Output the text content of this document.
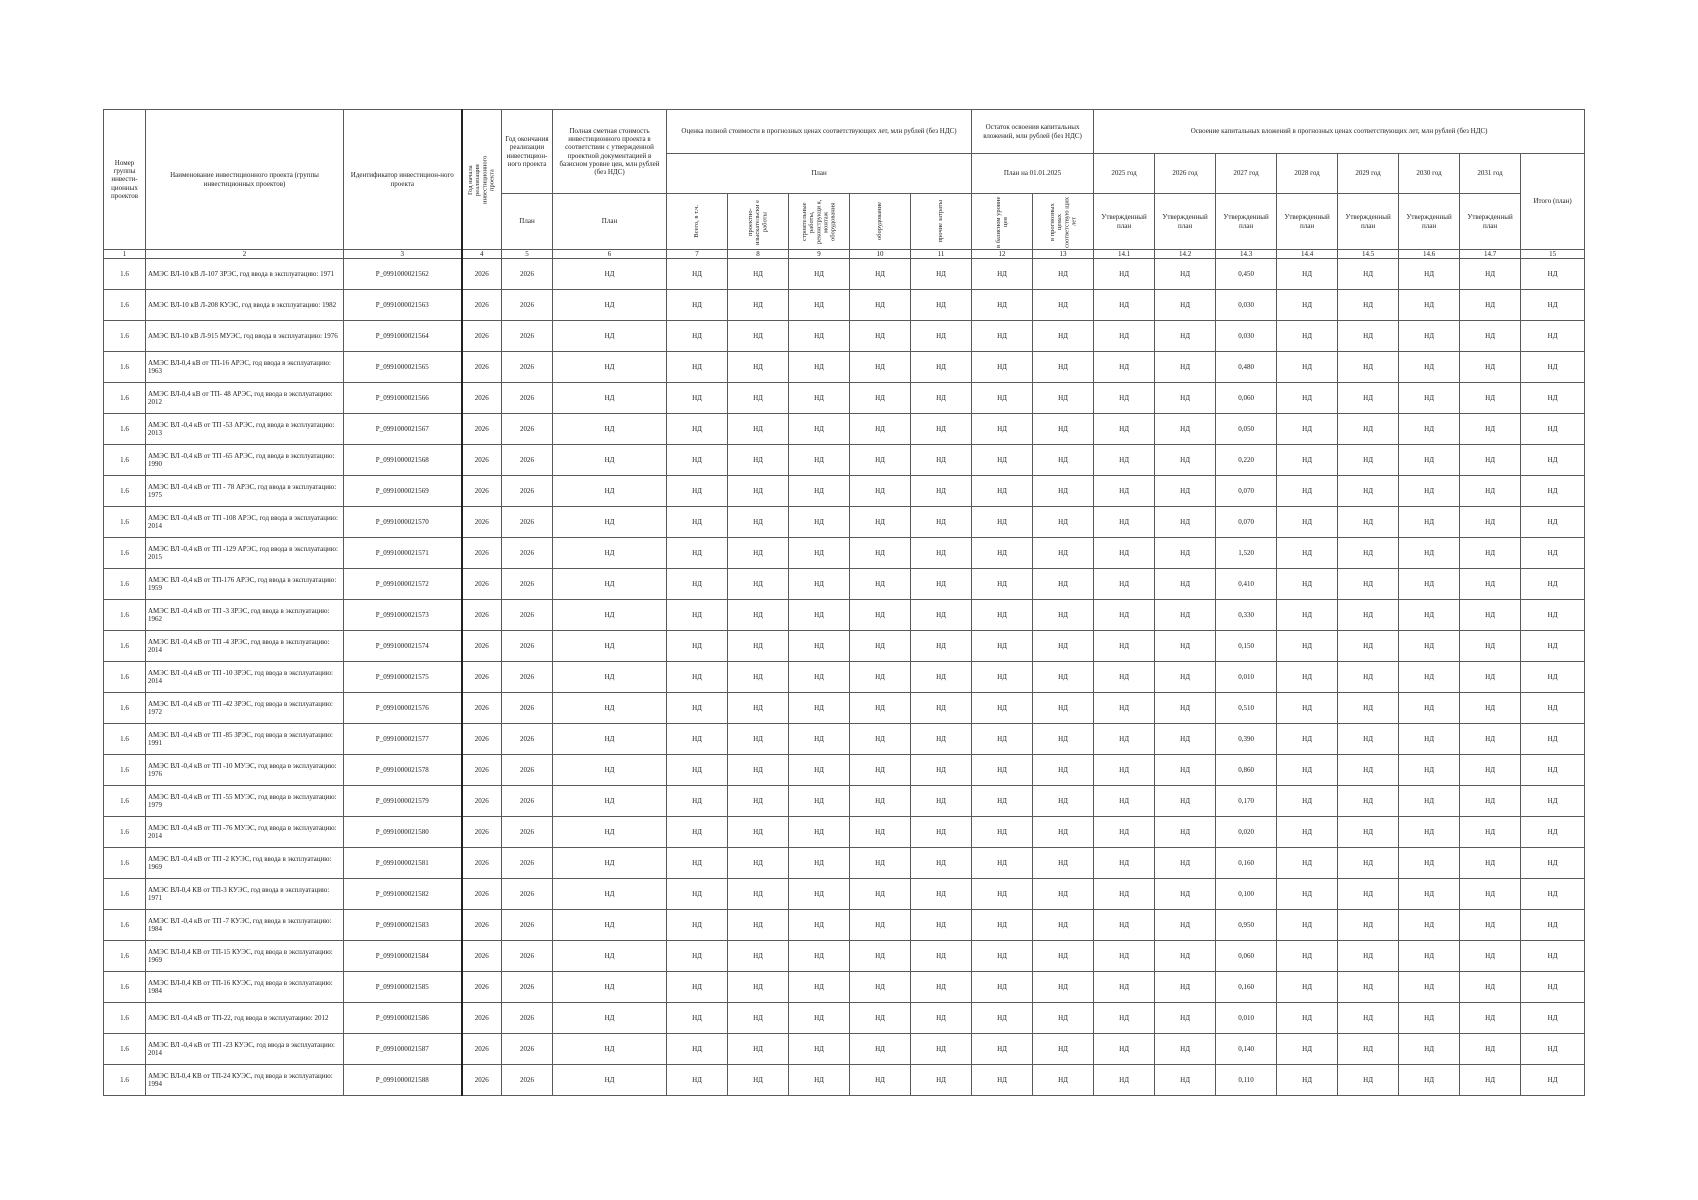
Номер группы инвести-ционных проектов	Наименование инвестиционного проекта (группы инвестиционных проектов)	Идентификатор инвестицион-ного проекта	Год начала реализации инвестиционного проекта	Год окончания реализации инвестицион-ного проекта	Полная сметная стоимость инвестиционного проекта в соответствии с утвержденной проектной документацией в базисном уровне цен, млн рублей (без НДС)	Оценка полной стоимости в прогнозных ценах соответствующих лет, млн рублей (без НДС)					Остаток освоения капитальных вложений, млн рублей (без НДС)		Освоение капитальных вложений в прогнозных ценах соответствующих лет, млн рублей (без НДС)								
						План					План на 01.01.2025		2025 год	2026 год	2027 год	2028 год	2029 год	2030 год	2031 год	Итого (план)	
				План	План	Всего, в т.ч.	проектно-изыскательски е работы	строительные работы, реконструкци я, монтаж оборудования	оборудование	прочие затраты	в базисном уровне цен	в прогнозных ценах соответствую щих лет	Утвержденный план	Утвержденный план	Утвержденный план	Утвержденный план	Утвержденный план	Утвержденный план	Утвержденный план		
1	2	3	4	5	6	7	8	9	10	11	12	13	14.1	14.2	14.3	14.4	14.5	14.6	14.7	15	
1.6	АМЭС ВЛ-10 кВ Л-107 ЗРЭС, год ввода в эксплуатацию: 1971	P_0991000021562	2026	2026	НД	НД	НД	НД	НД	НД	НД	НД	НД	НД	0,450	НД	НД	НД	НД	НД	
1.6	АМЭС ВЛ-10 кВ Л-208 КУЭС, год ввода в эксплуатацию: 1982	P_0991000021563	2026	2026	НД	НД	НД	НД	НД	НД	НД	НД	НД	НД	0,030	НД	НД	НД	НД	НД	
1.6	АМЭС ВЛ-10 кВ Л-915 МУЭС, год ввода в эксплуатацию: 1976	P_0991000021564	2026	2026	НД	НД	НД	НД	НД	НД	НД	НД	НД	НД	0,030	НД	НД	НД	НД	НД	
1.6	АМЭС ВЛ-0,4 кВ от ТП-16 АРЭС, год ввода в эксплуатацию: 1963	P_0991000021565	2026	2026	НД	НД	НД	НД	НД	НД	НД	НД	НД	НД	0,480	НД	НД	НД	НД	НД	
1.6	АМЭС ВЛ-0,4 кВ от ТП- 48 АРЭС, год ввода в эксплуатацию: 2012	P_0991000021566	2026	2026	НД	НД	НД	НД	НД	НД	НД	НД	НД	НД	0,060	НД	НД	НД	НД	НД	
1.6	АМЭС ВЛ -0,4 кВ от ТП -53 АРЭС, год ввода в эксплуатацию: 2013	P_0991000021567	2026	2026	НД	НД	НД	НД	НД	НД	НД	НД	НД	НД	0,050	НД	НД	НД	НД	НД	
1.6	АМЭС ВЛ -0,4 кВ от ТП -65 АРЭС, год ввода в эксплуатацию: 1990	P_0991000021568	2026	2026	НД	НД	НД	НД	НД	НД	НД	НД	НД	НД	0,220	НД	НД	НД	НД	НД	
1.6	АМЭС ВЛ -0,4 кВ от ТП - 78 АРЭС, год ввода в эксплуатацию: 1975	P_0991000021569	2026	2026	НД	НД	НД	НД	НД	НД	НД	НД	НД	НД	0,070	НД	НД	НД	НД	НД	
1.6	АМЭС ВЛ -0,4 кВ от ТП -108 АРЭС, год ввода в эксплуатацию: 2014	P_0991000021570	2026	2026	НД	НД	НД	НД	НД	НД	НД	НД	НД	НД	0,070	НД	НД	НД	НД	НД	
1.6	АМЭС ВЛ -0,4 кВ от ТП -129 АРЭС, год ввода в эксплуатацию: 2015	P_0991000021571	2026	2026	НД	НД	НД	НД	НД	НД	НД	НД	НД	НД	1,520	НД	НД	НД	НД	НД	
1.6	АМЭС ВЛ -0,4 кВ от ТП-176 АРЭС, год ввода в эксплуатацию: 1959	P_0991000021572	2026	2026	НД	НД	НД	НД	НД	НД	НД	НД	НД	НД	0,410	НД	НД	НД	НД	НД	
1.6	АМЭС ВЛ -0,4 кВ от ТП -3 ЗРЭС, год ввода в эксплуатацию: 1962	P_0991000021573	2026	2026	НД	НД	НД	НД	НД	НД	НД	НД	НД	НД	0,330	НД	НД	НД	НД	НД	
1.6	АМЭС ВЛ -0,4 кВ от ТП -4 ЗРЭС, год ввода в эксплуатацию: 2014	P_0991000021574	2026	2026	НД	НД	НД	НД	НД	НД	НД	НД	НД	НД	0,150	НД	НД	НД	НД	НД	
1.6	АМЭС ВЛ -0,4 кВ от ТП -10 ЗРЭС, год ввода в эксплуатацию: 2014	P_0991000021575	2026	2026	НД	НД	НД	НД	НД	НД	НД	НД	НД	НД	0,010	НД	НД	НД	НД	НД	
1.6	АМЭС ВЛ -0,4 кВ от ТП -42 ЗРЭС, год ввода в эксплуатацию: 1972	P_0991000021576	2026	2026	НД	НД	НД	НД	НД	НД	НД	НД	НД	НД	0,510	НД	НД	НД	НД	НД	
1.6	АМЭС ВЛ -0,4 кВ от ТП -85 ЗРЭС, год ввода в эксплуатацию: 1991	P_0991000021577	2026	2026	НД	НД	НД	НД	НД	НД	НД	НД	НД	НД	0,390	НД	НД	НД	НД	НД	
1.6	АМЭС ВЛ -0,4 кВ от ТП -10 МУЭС, год ввода в эксплуатацию: 1976	P_0991000021578	2026	2026	НД	НД	НД	НД	НД	НД	НД	НД	НД	НД	0,860	НД	НД	НД	НД	НД	
1.6	АМЭС ВЛ -0,4 кВ от ТП -55 МУЭС, год ввода в эксплуатацию: 1979	P_0991000021579	2026	2026	НД	НД	НД	НД	НД	НД	НД	НД	НД	НД	0,170	НД	НД	НД	НД	НД	
1.6	АМЭС ВЛ -0,4 кВ от ТП -76 МУЭС, год ввода в эксплуатацию: 2014	P_0991000021580	2026	2026	НД	НД	НД	НД	НД	НД	НД	НД	НД	НД	0,020	НД	НД	НД	НД	НД	
1.6	АМЭС ВЛ -0,4 кВ от ТП -2 КУЭС, год ввода в эксплуатацию: 1969	P_0991000021581	2026	2026	НД	НД	НД	НД	НД	НД	НД	НД	НД	НД	0,160	НД	НД	НД	НД	НД	
1.6	АМЭС ВЛ-0,4 КВ от ТП-3 КУЭС, год ввода в эксплуатацию: 1971	P_0991000021582	2026	2026	НД	НД	НД	НД	НД	НД	НД	НД	НД	НД	0,100	НД	НД	НД	НД	НД	
1.6	АМЭС ВЛ -0,4 кВ от ТП -7 КУЭС, год ввода в эксплуатацию: 1984	P_0991000021583	2026	2026	НД	НД	НД	НД	НД	НД	НД	НД	НД	НД	0,950	НД	НД	НД	НД	НД	
1.6	АМЭС ВЛ-0,4 КВ от ТП-15 КУЭС, год ввода в эксплуатацию: 1969	P_0991000021584	2026	2026	НД	НД	НД	НД	НД	НД	НД	НД	НД	НД	0,060	НД	НД	НД	НД	НД	
1.6	АМЭС ВЛ-0,4 КВ от ТП-16 КУЭС, год ввода в эксплуатацию: 1984	P_0991000021585	2026	2026	НД	НД	НД	НД	НД	НД	НД	НД	НД	НД	0,160	НД	НД	НД	НД	НД	
1.6	АМЭС ВЛ -0,4 кВ от ТП-22, год ввода в эксплуатацию: 2012	P_0991000021586	2026	2026	НД	НД	НД	НД	НД	НД	НД	НД	НД	НД	0,010	НД	НД	НД	НД	НД	
1.6	АМЭС ВЛ -0,4 кВ от ТП -23 КУЭС, год ввода в эксплуатацию: 2014	P_0991000021587	2026	2026	НД	НД	НД	НД	НД	НД	НД	НД	НД	НД	0,140	НД	НД	НД	НД	НД	
1.6	АМЭС ВЛ-0,4 КВ от ТП-24 КУЭС, год ввода в эксплуатацию: 1994	P_0991000021588	2026	2026	НД	НД	НД	НД	НД	НД	НД	НД	НД	НД	0,110	НД	НД	НД	НД	НД	
